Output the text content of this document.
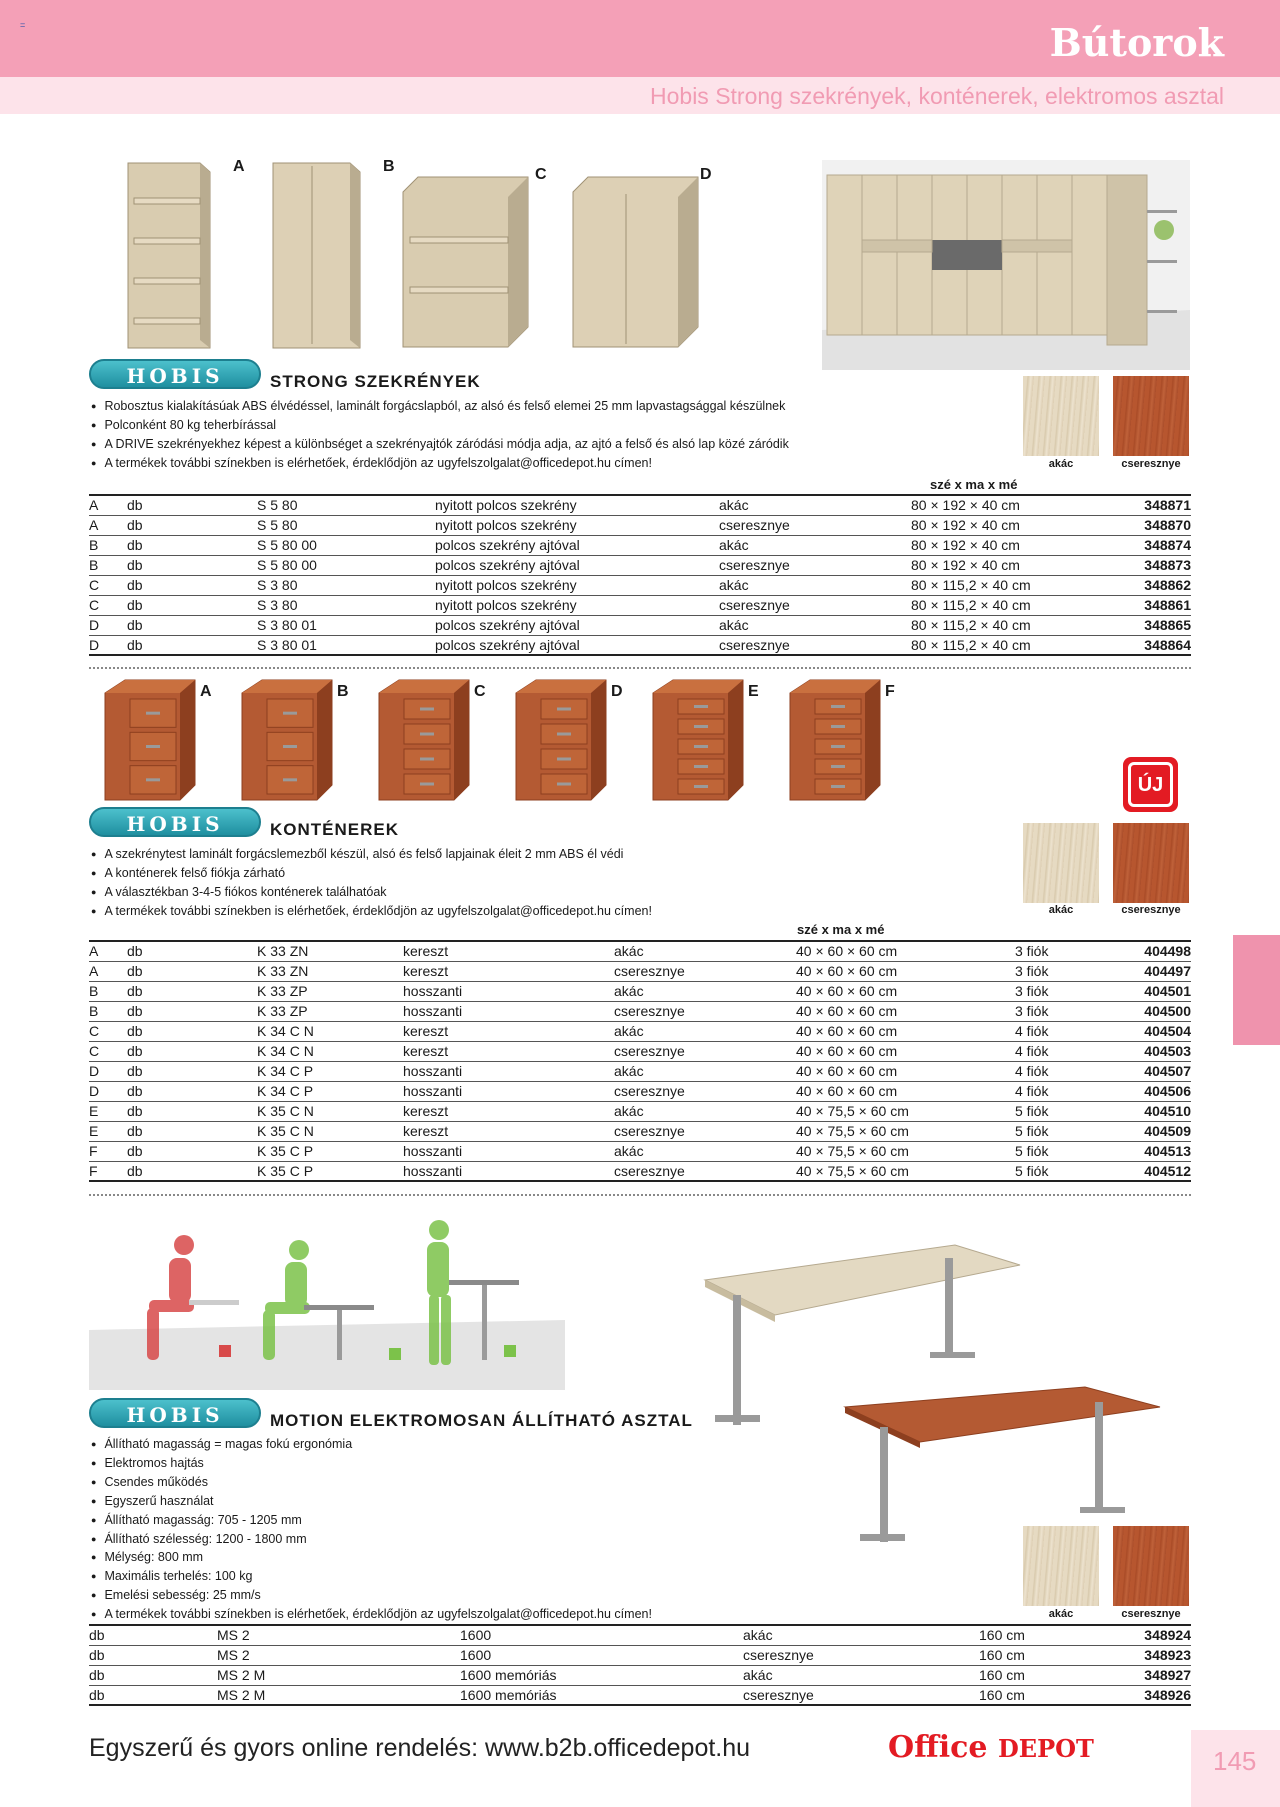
=	Bútorok
Hobis Strong szekrények, konténerek, elektromos asztal
A	B	C	D
HOBIS	STRONG SZEKRÉNYEK
● Robosztus kialakításúak ABS élvédéssel, laminált forgácslapból, az alsó és felső elemei 25 mm lapvastagsággal készülnek
● Polconként 80 kg teherbírással
● A DRIVE szekrényekhez képest a különbséget a szekrényajtók záródási módja adja, az ajtó a felső és alsó lap közé záródik
● A termékek további színekben is elérhetőek, érdeklődjön az ugyfelszolgalat@officedepot.hu címen!	akác	cseresznye
szé x ma x mé
A	db	S 5 80	nyitott polcos szekrény	akác	80 × 192 × 40 cm	348871
A	db	S 5 80	nyitott polcos szekrény	cseresznye	80 × 192 × 40 cm	348870
B	db	S 5 80 00	polcos szekrény ajtóval	akác	80 × 192 × 40 cm	348874
B	db	S 5 80 00	polcos szekrény ajtóval	cseresznye	80 × 192 × 40 cm	348873
C	db	S 3 80	nyitott polcos szekrény	akác	80 × 115,2 × 40 cm	348862
C	db	S 3 80	nyitott polcos szekrény	cseresznye	80 × 115,2 × 40 cm	348861
D	db	S 3 80 01	polcos szekrény ajtóval	akác	80 × 115,2 × 40 cm	348865
D	db	S 3 80 01	polcos szekrény ajtóval	cseresznye	80 × 115,2 × 40 cm	348864
A	B	C	D	E	F
ÚJ
HOBIS	KONTÉNEREK
● A szekrénytest laminált forgácslemezből készül, alsó és felső lapjainak éleit 2 mm ABS él védi
● A konténerek felső fiókja zárható
● A választékban 3-4-5 fiókos konténerek találhatóak
● A termékek további színekben is elérhetőek, érdeklődjön az ugyfelszolgalat@officedepot.hu címen!	akác	cseresznye
szé x ma x mé
A	db	K 33 ZN	kereszt	akác	40 × 60 × 60 cm	3 fiók	404498
A	db	K 33 ZN	kereszt	cseresznye	40 × 60 × 60 cm	3 fiók	404497
B	db	K 33 ZP	hosszanti	akác	40 × 60 × 60 cm	3 fiók	404501
B	db	K 33 ZP	hosszanti	cseresznye	40 × 60 × 60 cm	3 fiók	404500
C	db	K 34 C N	kereszt	akác	40 × 60 × 60 cm	4 fiók	404504
C	db	K 34 C N	kereszt	cseresznye	40 × 60 × 60 cm	4 fiók	404503
D	db	K 34 C P	hosszanti	akác	40 × 60 × 60 cm	4 fiók	404507
D	db	K 34 C P	hosszanti	cseresznye	40 × 60 × 60 cm	4 fiók	404506
E	db	K 35 C N	kereszt	akác	40 × 75,5 × 60 cm	5 fiók	404510
E	db	K 35 C N	kereszt	cseresznye	40 × 75,5 × 60 cm	5 fiók	404509
F	db	K 35 C P	hosszanti	akác	40 × 75,5 × 60 cm	5 fiók	404513
F	db	K 35 C P	hosszanti	cseresznye	40 × 75,5 × 60 cm	5 fiók	404512
HOBIS	MOTION ELEKTROMOSAN ÁLLÍTHATÓ ASZTAL
● Állítható magasság = magas fokú ergonómia
● Elektromos hajtás
● Csendes működés
● Egyszerű használat
● Állítható magasság: 705 - 1205 mm
● Állítható szélesség: 1200 - 1800 mm
● Mélység: 800 mm
● Maximális terhelés: 100 kg
● Emelési sebesség: 25 mm/s
● A termékek további színekben is elérhetőek, érdeklődjön az ugyfelszolgalat@officedepot.hu címen!	akác	cseresznye
db	MS 2	1600	akác	160 cm	348924
db	MS 2	1600	cseresznye	160 cm	348923
db	MS 2 M	1600 memóriás	akác	160 cm	348927
db	MS 2 M	1600 memóriás	cseresznye	160 cm	348926
Egyszerű és gyors online rendelés: www.b2b.officedepot.hu	Office DEPOT	145
